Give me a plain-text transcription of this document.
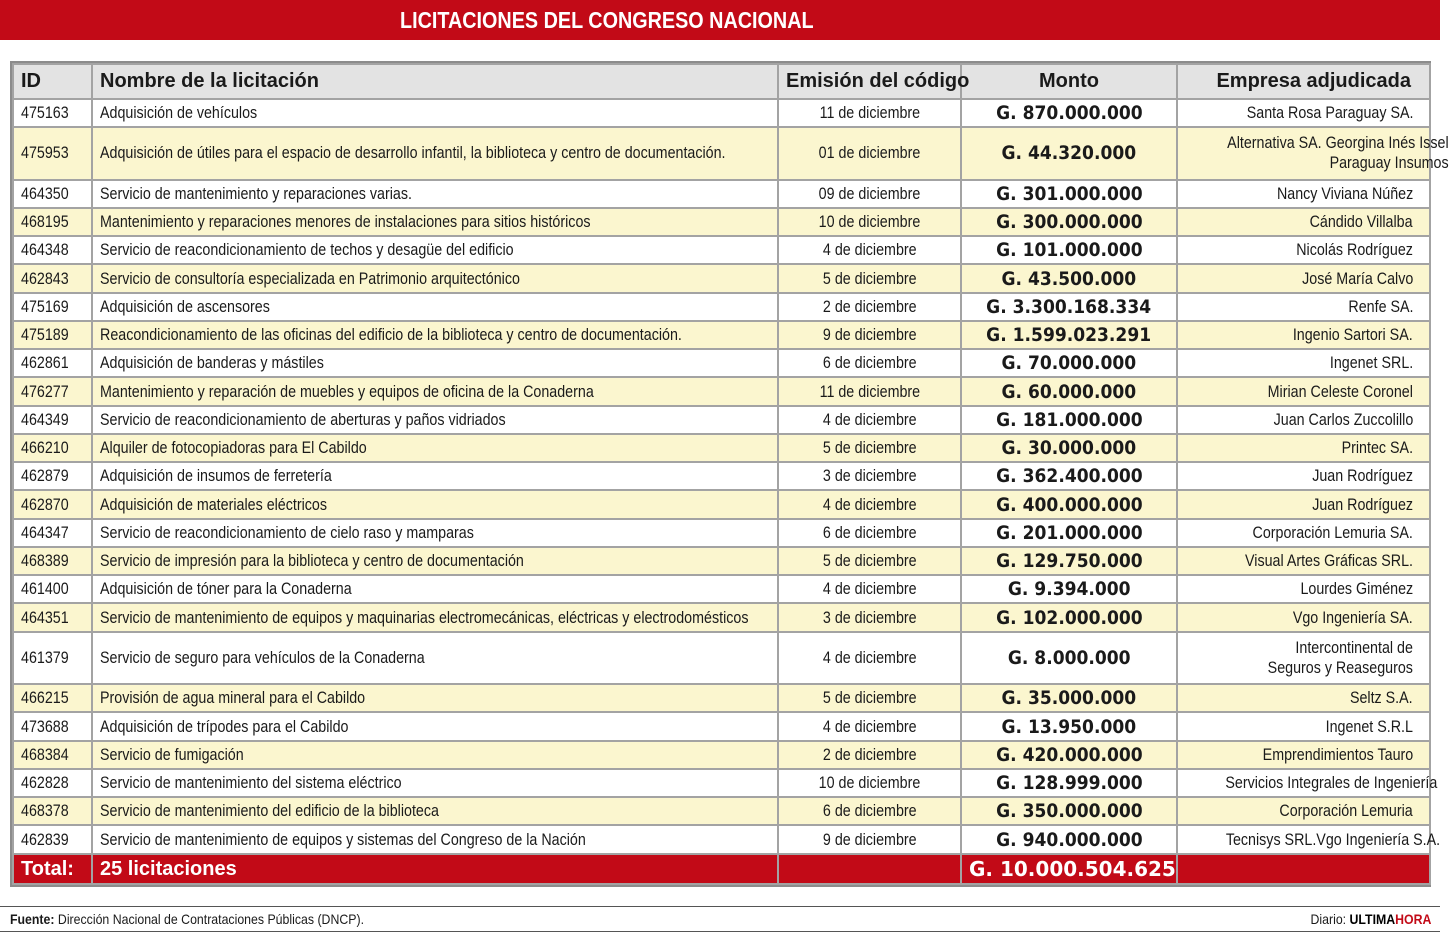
LICITACIONES DEL CONGRESO NACIONAL
ID	Nombre de la licitación	Emisión del código	Monto	Empresa adjudicada
475163	Adquisición de vehículos	11 de diciembre	G. 870.000.000	Santa Rosa Paraguay SA.

475953	Adquisición de útiles para el espacio de desarrollo infantil, la biblioteca y centro de documentación.	01 de diciembre	G. 44.320.000	Alternativa SA. Georgina Inés Issel
Paraguay Insumos

464350	Servicio de mantenimiento y reparaciones varias.	09 de diciembre	G. 301.000.000	Nancy Viviana Núñez

468195	Mantenimiento y reparaciones menores de instalaciones para sitios históricos	10 de diciembre	G. 300.000.000	Cándido Villalba

464348	Servicio de reacondicionamiento de techos y desagüe del edificio	4 de diciembre	G. 101.000.000	Nicolás Rodríguez

462843	Servicio de consultoría especializada en Patrimonio arquitectónico	5 de diciembre	G. 43.500.000	José María Calvo

475169	Adquisición de ascensores	2 de diciembre	G. 3.300.168.334	Renfe SA.

475189	Reacondicionamiento de las oficinas del edificio de la biblioteca y centro de documentación.	9 de diciembre	G. 1.599.023.291	Ingenio Sartori SA.

462861	Adquisición de banderas y mástiles	6 de diciembre	G. 70.000.000	Ingenet SRL.

476277	Mantenimiento y reparación de muebles y equipos de oficina de la Conaderna	11 de diciembre	G. 60.000.000	Mirian Celeste Coronel

464349	Servicio de reacondicionamiento de aberturas y paños vidriados	4 de diciembre	G. 181.000.000	Juan Carlos Zuccolillo

466210	Alquiler de fotocopiadoras para El Cabildo	5 de diciembre	G. 30.000.000	Printec SA.

462879	Adquisición de insumos de ferretería	3 de diciembre	G. 362.400.000	Juan Rodríguez

462870	Adquisición de materiales eléctricos	4 de diciembre	G. 400.000.000	Juan Rodríguez

464347	Servicio de reacondicionamiento de cielo raso y mamparas	6 de diciembre	G. 201.000.000	Corporación Lemuria SA.

468389	Servicio de impresión para la biblioteca y centro de documentación	5 de diciembre	G. 129.750.000	Visual Artes Gráficas SRL.

461400	Adquisición de tóner para la Conaderna	4 de diciembre	G. 9.394.000	Lourdes Giménez

464351	Servicio de mantenimiento de equipos y maquinarias electromecánicas, eléctricas y electrodomésticos	3 de diciembre	G. 102.000.000	Vgo Ingeniería SA.

461379	Servicio de seguro para vehículos de la Conaderna	4 de diciembre	G. 8.000.000	Intercontinental de
Seguros y Reaseguros

466215	Provisión de agua mineral para el Cabildo	5 de diciembre	G. 35.000.000	Seltz S.A.

473688	Adquisición de trípodes para el Cabildo	4 de diciembre	G. 13.950.000	Ingenet S.R.L

468384	Servicio de fumigación	2 de diciembre	G. 420.000.000	Emprendimientos Tauro

462828	Servicio de mantenimiento del sistema eléctrico	10 de diciembre	G. 128.999.000	Servicios Integrales de Ingeniería

468378	Servicio de mantenimiento del edificio de la biblioteca	6 de diciembre	G. 350.000.000	Corporación Lemuria

462839	Servicio de mantenimiento de equipos y sistemas del Congreso de la Nación	9 de diciembre	G. 940.000.000	Tecnisys SRL.Vgo Ingeniería S.A.

Total:	25 licitaciones		G. 10.000.504.625	
Fuente: Dirección Nacional de Contrataciones Públicas (DNCP).	Diario: ULTIMAHORA
